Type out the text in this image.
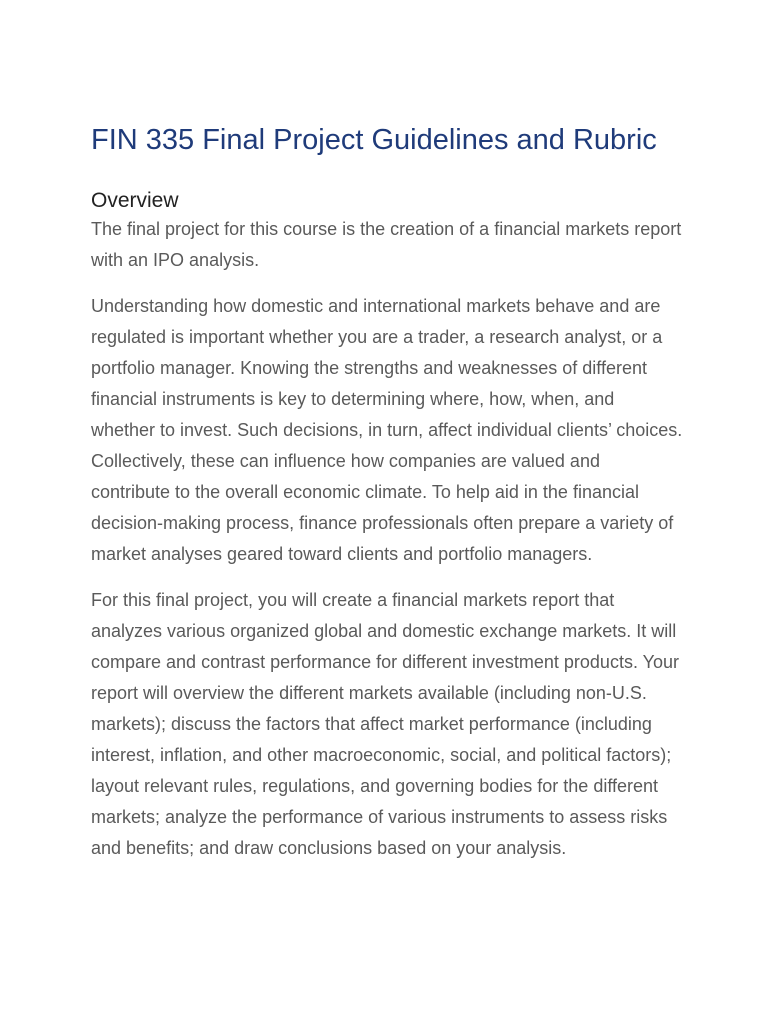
FIN 335 Final Project Guidelines and Rubric
Overview

The final project for this course is the creation of a financial markets report with an IPO analysis.

Understanding how domestic and international markets behave and are regulated is important whether you are a trader, a research analyst, or a portfolio manager. Knowing the strengths and weaknesses of different financial instruments is key to determining where, how, when, and whether to invest. Such decisions, in turn, affect individual clients’ choices. Collectively, these can influence how companies are valued and contribute to the overall economic climate. To help aid in the financial decision-making process, finance professionals often prepare a variety of market analyses geared toward clients and portfolio managers.

For this final project, you will create a financial markets report that analyzes various organized global and domestic exchange markets. It will compare and contrast performance for different investment products. Your report will overview the different markets available (including non-U.S. markets); discuss the factors that affect market performance (including interest, inflation, and other macroeconomic, social, and political factors); layout relevant rules, regulations, and governing bodies for the different markets; analyze the performance of various instruments to assess risks and benefits; and draw conclusions based on your analysis.
